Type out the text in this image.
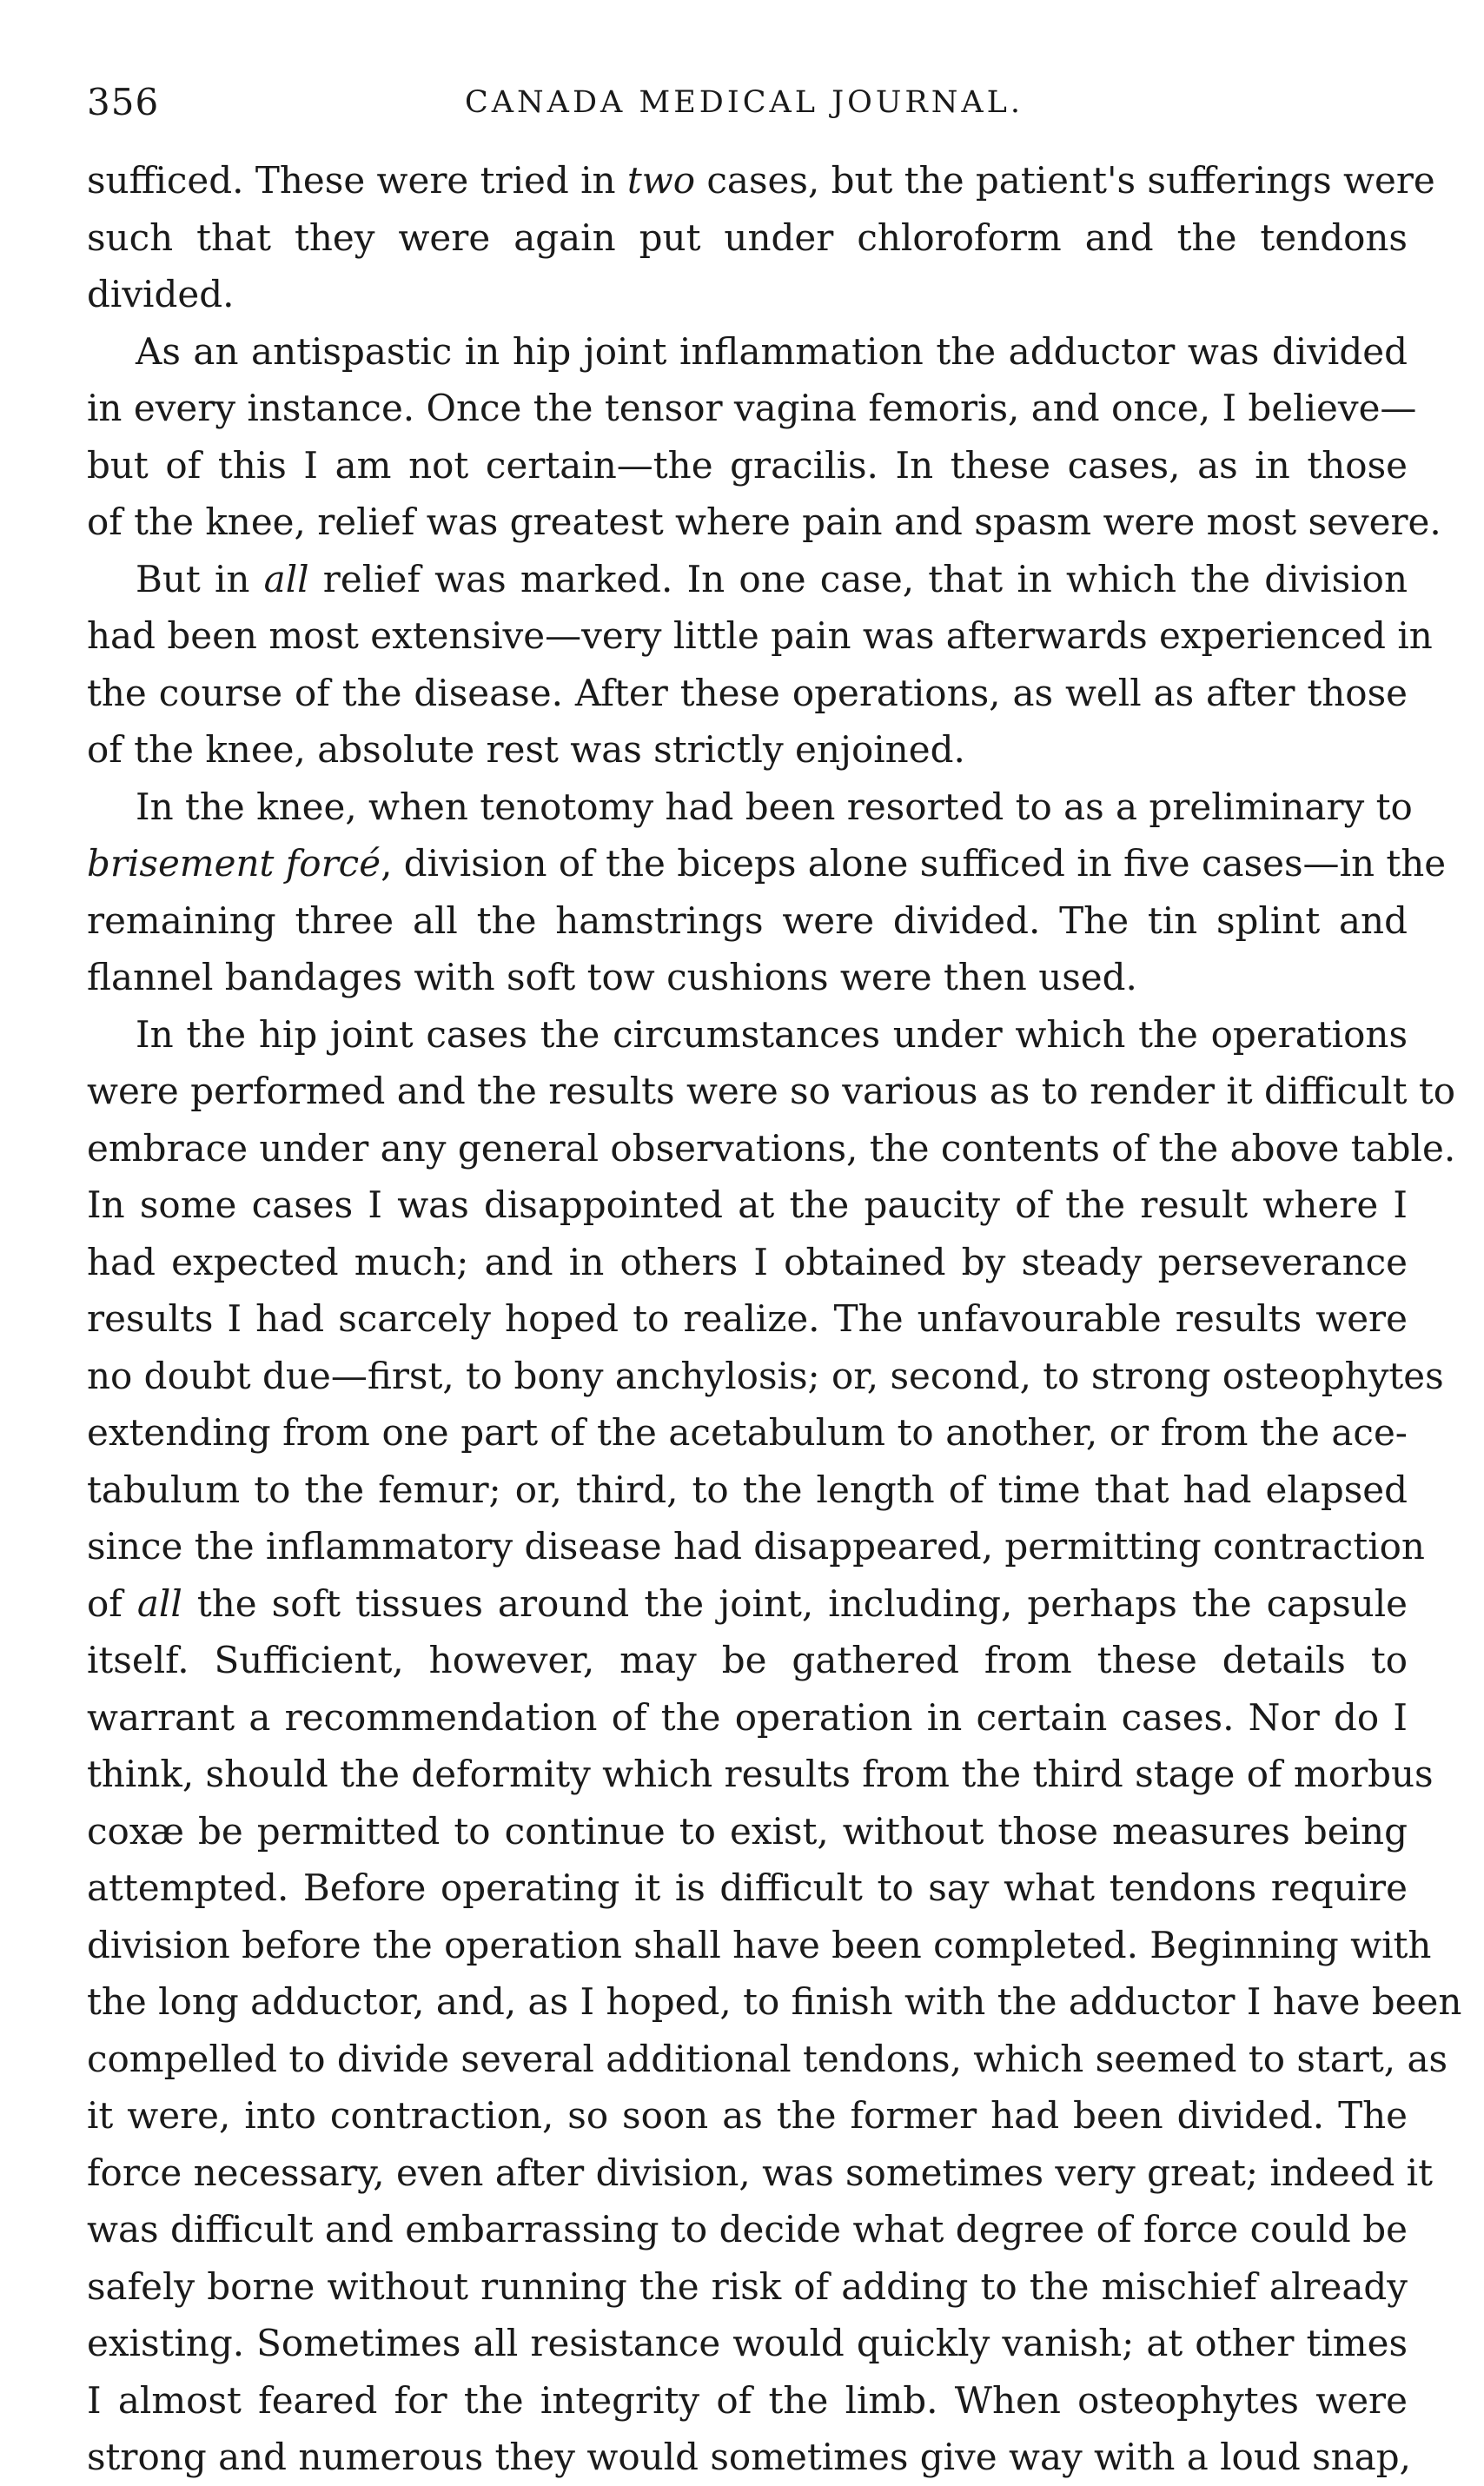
356	CANADA MEDICAL JOURNAL.

sufficed. These were tried in two cases, but the patient's sufferings were
such that they were again put under chloroform and the tendons
divided.

As an antispastic in hip joint inflammation the adductor was divided
in every instance. Once the tensor vagina femoris, and once, I believe—
but of this I am not certain—the gracilis. In these cases, as in those
of the knee, relief was greatest where pain and spasm were most severe.

But in all relief was marked. In one case, that in which the division
had been most extensive—very little pain was afterwards experienced in
the course of the disease. After these operations, as well as after those
of the knee, absolute rest was strictly enjoined.

In the knee, when tenotomy had been resorted to as a preliminary to
brisement forcé, division of the biceps alone sufficed in five cases—in the
remaining three all the hamstrings were divided. The tin splint and
flannel bandages with soft tow cushions were then used.

In the hip joint cases the circumstances under which the operations
were performed and the results were so various as to render it difficult to
embrace under any general observations, the contents of the above table.
In some cases I was disappointed at the paucity of the result where I
had expected much; and in others I obtained by steady perseverance
results I had scarcely hoped to realize. The unfavourable results were
no doubt due—first, to bony anchylosis; or, second, to strong osteophytes
extending from one part of the acetabulum to another, or from the ace-
tabulum to the femur; or, third, to the length of time that had elapsed
since the inflammatory disease had disappeared, permitting contraction
of all the soft tissues around the joint, including, perhaps the capsule
itself. Sufficient, however, may be gathered from these details to
warrant a recommendation of the operation in certain cases. Nor do I
think, should the deformity which results from the third stage of morbus
coxæ be permitted to continue to exist, without those measures being
attempted. Before operating it is difficult to say what tendons require
division before the operation shall have been completed. Beginning with
the long adductor, and, as I hoped, to finish with the adductor I have been
compelled to divide several additional tendons, which seemed to start, as
it were, into contraction, so soon as the former had been divided. The
force necessary, even after division, was sometimes very great; indeed it
was difficult and embarrassing to decide what degree of force could be
safely borne without running the risk of adding to the mischief already
existing. Sometimes all resistance would quickly vanish; at other times
I almost feared for the integrity of the limb. When osteophytes were
strong and numerous they would sometimes give way with a loud snap,
